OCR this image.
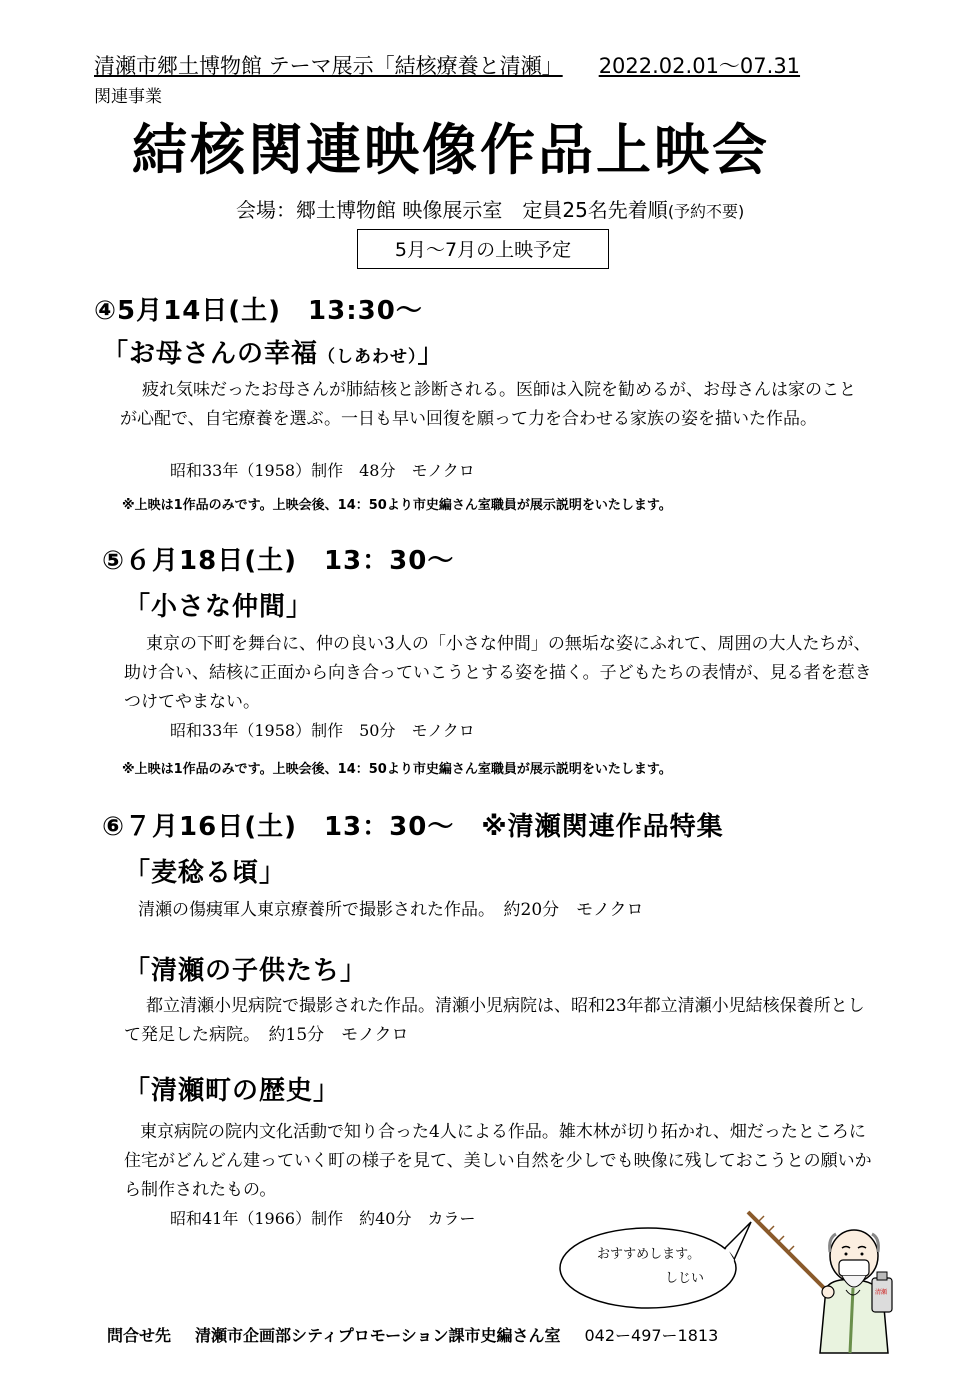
清瀬市郷土博物館 テーマ展示「結核療養と清瀬」 2022.02.01～07.31
関連事業
結核関連映像作品上映会
会場：郷土博物館 映像展示室　定員25名先着順(予約不要)
5月～7月の上映予定
④5月14日(土)　13:30～
「お母さんの幸福（しあわせ）」
疲れ気味だったお母さんが肺結核と診断される。医師は入院を勧めるが、お母さんは家のことが心配で、自宅療養を選ぶ。一日も早い回復を願って力を合わせる家族の姿を描いた作品。
昭和33年（1958）制作　48分　モノクロ
※上映は1作品のみです。上映会後、14：50より市史編さん室職員が展示説明をいたします。
⑤６月18日(土)　13：30～
「小さな仲間」
東京の下町を舞台に、仲の良い3人の「小さな仲間」の無垢な姿にふれて、周囲の大人たちが、助け合い、結核に正面から向き合っていこうとする姿を描く。子どもたちの表情が、見る者を惹きつけてやまない。
昭和33年（1958）制作　50分　モノクロ
※上映は1作品のみです。上映会後、14：50より市史編さん室職員が展示説明をいたします。
⑥７月16日(土)　13：30～　※清瀬関連作品特集
「麦稔る頃」
清瀬の傷痍軍人東京療養所で撮影された作品。　約20分　モノクロ
「清瀬の子供たち」
都立清瀬小児病院で撮影された作品。清瀬小児病院は、昭和23年都立清瀬小児結核保養所として発足した病院。　約15分　モノクロ
「清瀬町の歴史」
東京病院の院内文化活動で知り合った4人による作品。雑木林が切り拓かれ、畑だったところに住宅がどんどん建っていく町の様子を見て、美しい自然を少しでも映像に残しておこうとの願いから制作されたもの。
昭和41年（1966）制作　約40分　カラー
おすすめします。
しじい
清瀬
問合せ先 清瀬市企画部シティプロモーション課市史編さん室 042ー497ー1813
